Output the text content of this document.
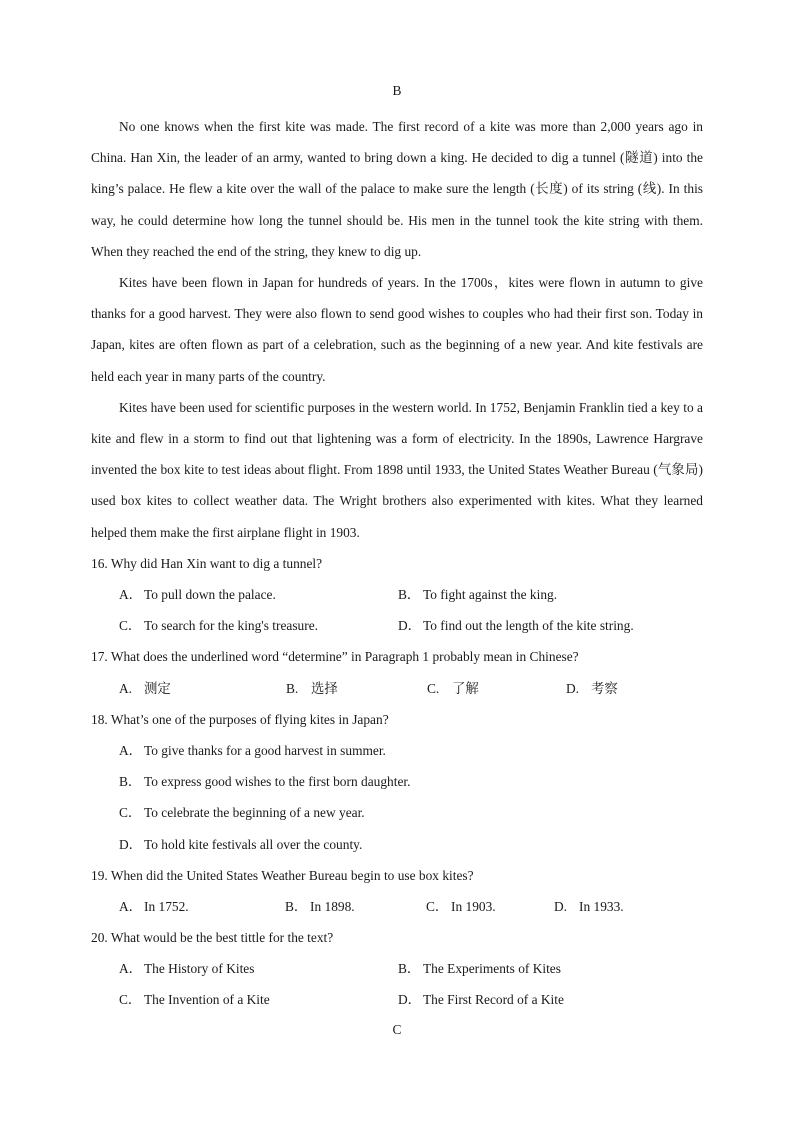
B

No one knows when the first kite was made. The first record of a kite was more than 2,000 years ago in China. Han Xin, the leader of an army, wanted to bring down a king. He decided to dig a tunnel (隧道) into the king’s palace. He flew a kite over the wall of the palace to make sure the length (长度) of its string (线). In this way, he could determine how long the tunnel should be. His men in the tunnel took the kite string with them. When they reached the end of the string, they knew to dig up.

Kites have been flown in Japan for hundreds of years. In the 1700s，kites were flown in autumn to give thanks for a good harvest. They were also flown to send good wishes to couples who had their first son. Today in Japan, kites are often flown as part of a celebration, such as the beginning of a new year. And kite festivals are held each year in many parts of the country.

Kites have been used for scientific purposes in the western world. In 1752, Benjamin Franklin tied a key to a kite and flew in a storm to find out that lightening was a form of electricity. In the 1890s, Lawrence Hargrave invented the box kite to test ideas about flight. From 1898 until 1933, the United States Weather Bureau (气象局) used box kites to collect weather data. The Wright brothers also experimented with kites. What they learned helped them make the first airplane flight in 1903.

16. Why did Han Xin want to dig a tunnel?

A． To pull down the palace.	B． To fight against the king.
C． To search for the king's treasure.	D． To find out the length of the kite string.

17. What does the underlined word “determine” in Paragraph 1 probably mean in Chinese?

A. 测定	B. 选择	C. 了解	D. 考察

18. What’s one of the purposes of flying kites in Japan?

A． To give thanks for a good harvest in summer.
B． To express good wishes to the first born daughter.
C． To celebrate the beginning of a new year.
D． To hold kite festivals all over the county.

19. When did the United States Weather Bureau begin to use box kites?

A． In 1752.	B． In 1898.	C． In 1903.	D. In 1933.

20. What would be the best tittle for the text?

A． The History of Kites	B． The Experiments of Kites
C． The Invention of a Kite	D． The First Record of a Kite
C
